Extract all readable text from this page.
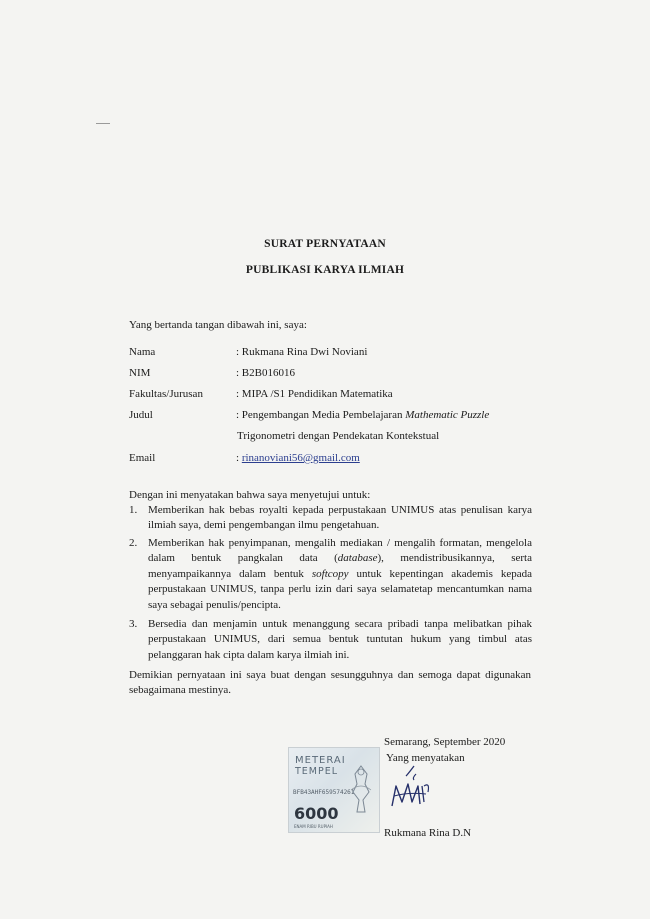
SURAT PERNYATAAN
PUBLIKASI KARYA ILMIAH
Yang bertanda tangan dibawah ini, saya:
Nama	: Rukmana Rina Dwi Noviani
NIM	: B2B016016
Fakultas/Jurusan	: MIPA /S1 Pendidikan Matematika
Judul	: Pengembangan Media Pembelajaran Mathematic Puzzle
Trigonometri dengan Pendekatan Kontekstual
Email	: rinanoviani56@gmail.com
Dengan ini menyatakan bahwa saya menyetujui untuk:
1. Memberikan hak bebas royalti kepada perpustakaan UNIMUS atas penulisan karya ilmiah saya, demi pengembangan ilmu pengetahuan.
2. Memberikan hak penyimpanan, mengalih mediakan / mengalih formatan, mengelola dalam bentuk pangkalan data (database), mendistribusikannya, serta menyampaikannya dalam bentuk softcopy untuk kepentingan akademis kepada perpustakaan UNIMUS, tanpa perlu izin dari saya selamatetap mencantumkan nama saya sebagai penulis/pencipta.
3. Bersedia dan menjamin untuk menanggung secara pribadi tanpa melibatkan pihak perpustakaan UNIMUS, dari semua bentuk tuntutan hukum yang timbul atas pelanggaran hak cipta dalam karya ilmiah ini.
Demikian pernyataan ini saya buat dengan sesungguhnya dan semoga dapat digunakan sebagaimana mestinya.
Semarang, September 2020
Yang menyatakan
METERAI
TEMPEL
BFB43AHF659574261
6000
ENAM RIBU RUPIAH
Rukmana Rina D.N
